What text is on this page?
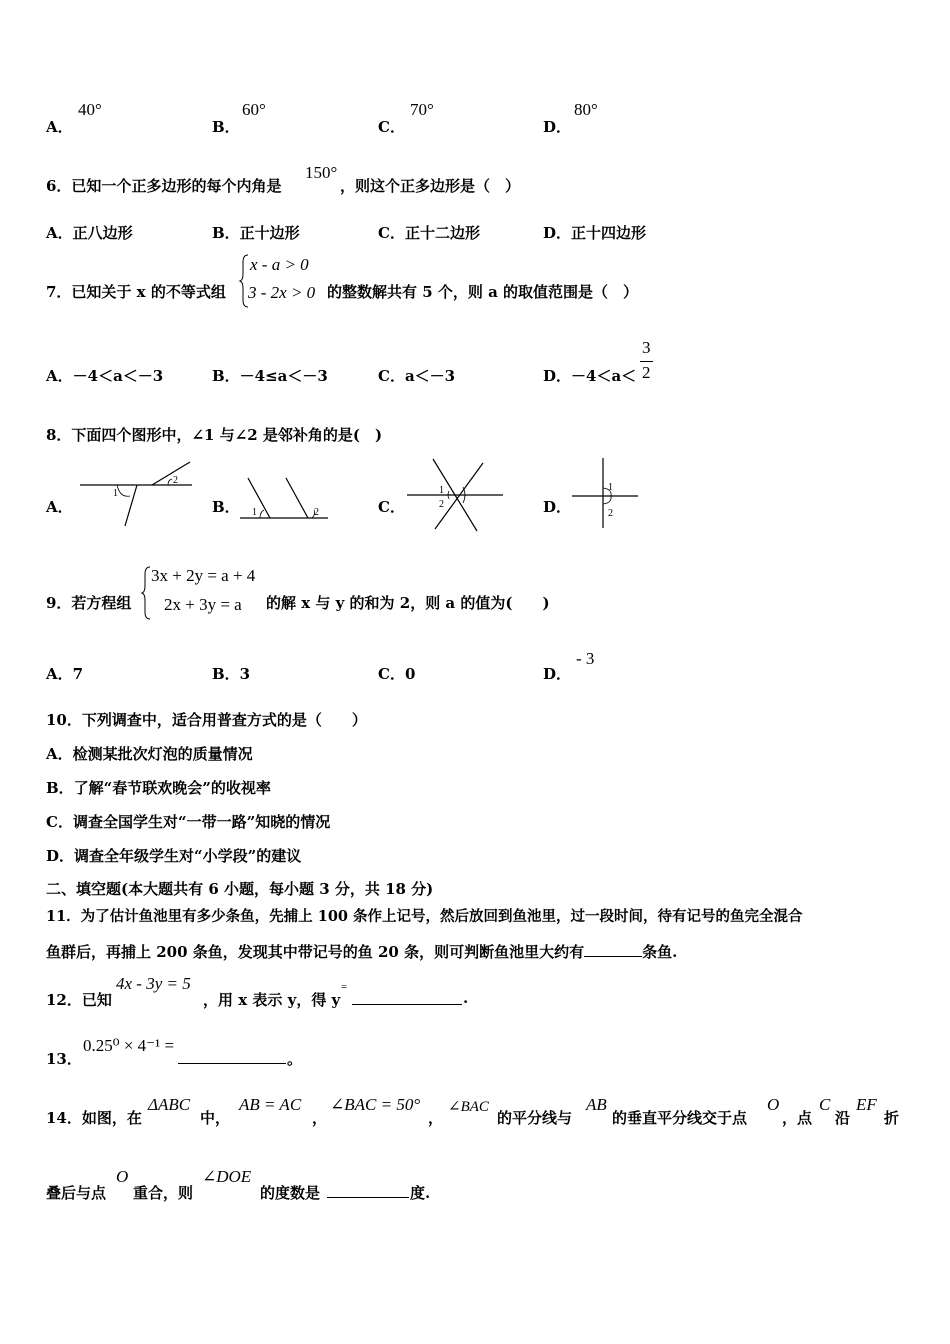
A．
40°
B．
60°
C．
70°
D．
80°
6．已知一个正多边形的每个内角是
150°
，则这个正多边形是（　）
A．正八边形	B．正十边形	C．正十二边形	D．正十四边形
7．已知关于 x 的不等式组
x - a > 0
3 - 2x > 0 的整数解共有 5 个，则 a 的取值范围是（　）
A．－4＜a＜－3	B．－4≤a＜－3	C．a＜－3	D．－4＜a＜
3
2
8．下面四个图形中，∠1 与∠2 是邻补角的是(　)
A．
1
2
B． 1	2	C．
1
2	D．
1
2
9．若方程组
3x + 2y = a + 4
2x + 3y = a 的解 x 与 y 的和为 2，则 a 的值为(　　)
A．7	B．3	C．0	D．
- 3
10．下列调查中，适合用普查方式的是（　　）
A．检测某批次灯泡的质量情况
B．了解“春节联欢晚会”的收视率
C．调查全国学生对“一带一路”知晓的情况
D．调查全年级学生对“小学段”的建议
二、填空题(本大题共有 6 小题，每小题 3 分，共 18 分)
11．为了估计鱼池里有多少条鱼，先捕上 100 条作上记号，然后放回到鱼池里，过一段时间，待有记号的鱼完全混合
鱼群后，再捕上 200 条鱼，发现其中带记号的鱼 20 条，则可判断鱼池里大约有	条鱼.
12．已知
4x - 3y = 5
，用 x 表示 y，得 y
=
.
13．
0.25⁰ × 4⁻¹ =
。
14．如图，在
ΔABC
中，
AB = AC
，
∠BAC = 50°
，
∠BAC
的平分线与
AB
的垂直平分线交于点
O
，点
C
沿
EF
折
叠后与点
O
重合，则
∠DOE
的度数是	度.
